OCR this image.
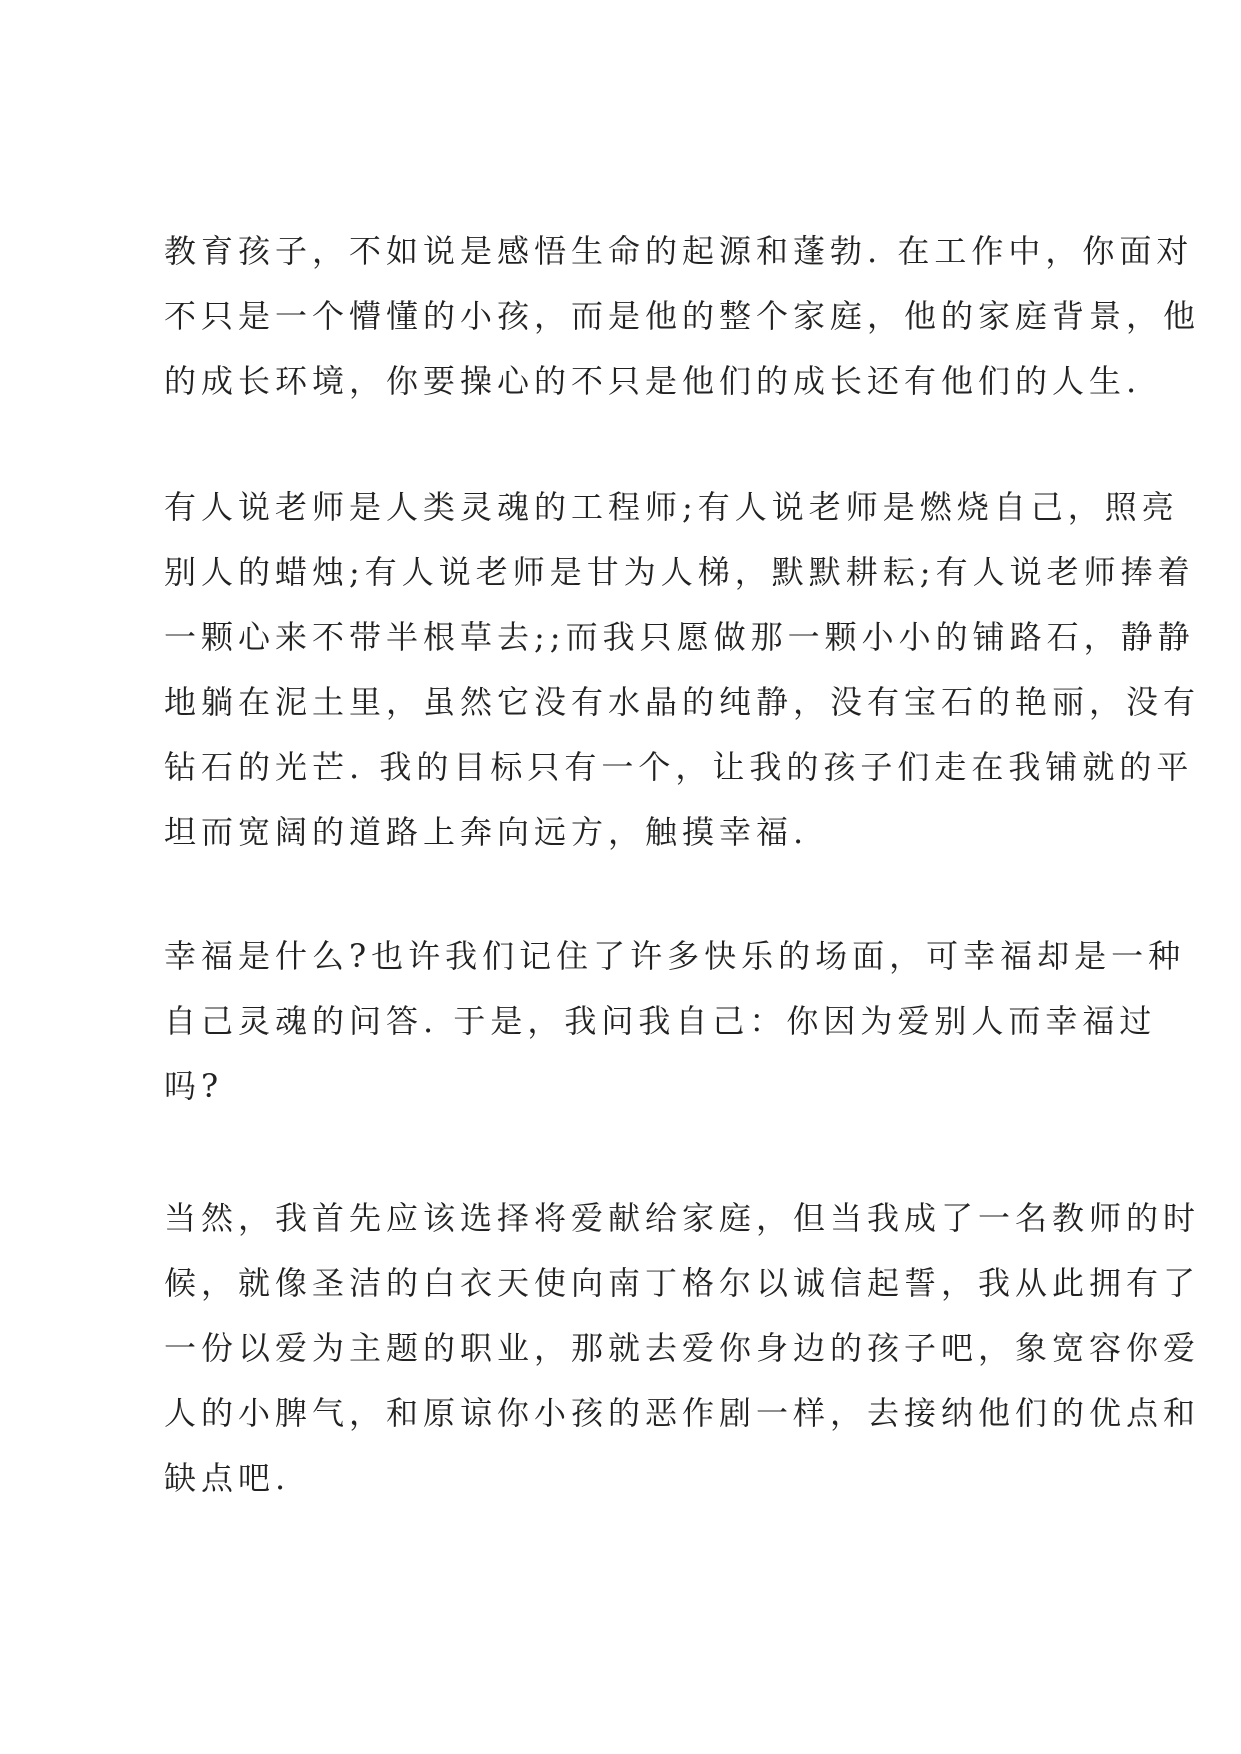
教育孩子，不如说是感悟生命的起源和蓬勃. 在工作中，你面对
不只是一个懵懂的小孩，而是他的整个家庭，他的家庭背景，他
的成长环境，你要操心的不只是他们的成长还有他们的人生.
有人说老师是人类灵魂的工程师;有人说老师是燃烧自己，照亮
别人的蜡烛;有人说老师是甘为人梯，默默耕耘;有人说老师捧着
一颗心来不带半根草去;;而我只愿做那一颗小小的铺路石，静静
地躺在泥土里，虽然它没有水晶的纯静，没有宝石的艳丽，没有
钻石的光芒. 我的目标只有一个，让我的孩子们走在我铺就的平
坦而宽阔的道路上奔向远方，触摸幸福.
幸福是什么?也许我们记住了许多快乐的场面，可幸福却是一种
自己灵魂的问答. 于是，我问我自己：你因为爱别人而幸福过
吗?
当然，我首先应该选择将爱献给家庭，但当我成了一名教师的时
候，就像圣洁的白衣天使向南丁格尔以诚信起誓，我从此拥有了
一份以爱为主题的职业，那就去爱你身边的孩子吧，象宽容你爱
人的小脾气，和原谅你小孩的恶作剧一样，去接纳他们的优点和
缺点吧.
